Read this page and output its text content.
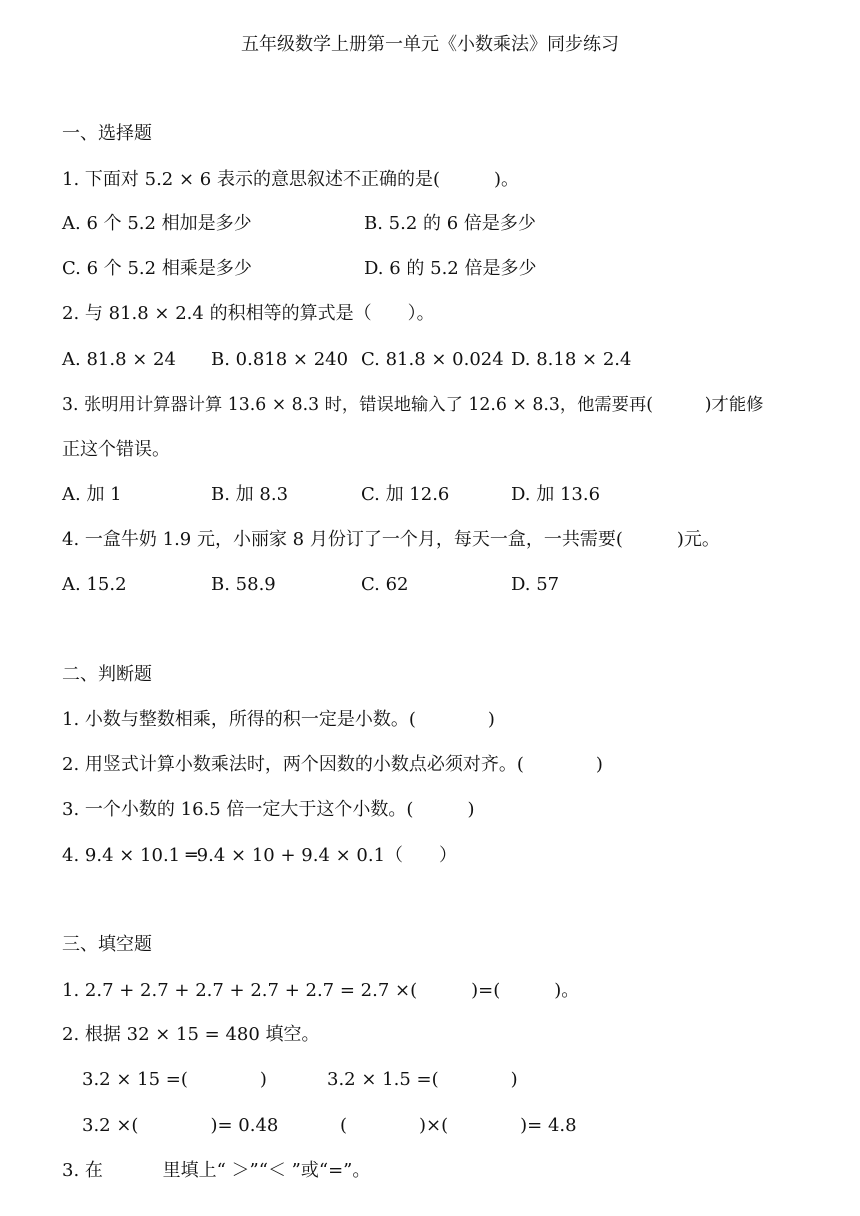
五年级数学上册第一单元《小数乘法》同步练习
一、选择题
1. 下面对 5.2 × 6 表示的意思叙述不正确的是(　　　)。
A. 6 个 5.2 相加是多少	B. 5.2 的 6 倍是多少
C. 6 个 5.2 相乘是多少	D. 6 的 5.2 倍是多少
2. 与 81.8 × 2.4 的积相等的算式是（　　）。
A. 81.8 × 24 B. 0.818 × 240 C. 81.8 × 0.024 D. 8.18 × 2.4
3. 张明用计算器计算 13.6 × 8.3 时，错误地输入了 12.6 × 8.3，他需要再(　　　)才能修
正这个错误。
A. 加 1	B. 加 8.3	C. 加 12.6	D. 加 13.6
4. 一盒牛奶 1.9 元，小丽家 8 月份订了一个月，每天一盒，一共需要(　　　)元。
A. 15.2	B. 58.9	C. 62	D. 57
二、判断题
1. 小数与整数相乘，所得的积一定是小数。(　　　　)
2. 用竖式计算小数乘法时，两个因数的小数点必须对齐。(　　　　)
3. 一个小数的 16.5 倍一定大于这个小数。(　　　)
4. 9.4 × 10.1 ═9.4 × 10 + 9.4 × 0.1（　　）
三、填空题
1. 2.7 + 2.7 + 2.7 + 2.7 + 2.7 = 2.7 ×(　　　)=(　　　)。
2. 根据 32 × 15 = 480 填空。
3.2 × 15 =(　　　　)	3.2 × 1.5 =(　　　　)
3.2 ×(　　　　)= 0.48	(　　　　)×(　　　　)= 4.8
3. 在　　　 里填上“ ＞”“＜ ”或“=”。
